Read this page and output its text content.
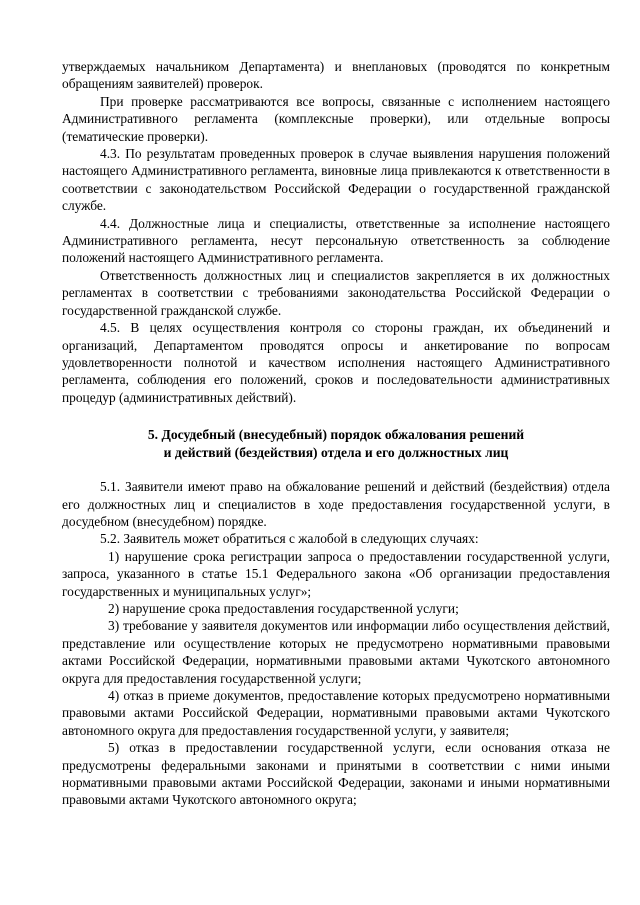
утверждаемых начальником Департамента) и внеплановых (проводятся по конкретным обращениям заявителей) проверок.

При проверке рассматриваются все вопросы, связанные с исполнением настоящего Административного регламента (комплексные проверки), или отдельные вопросы (тематические проверки).

4.3. По результатам проведенных проверок в случае выявления нарушения положений настоящего Административного регламента, виновные лица привлекаются к ответственности в соответствии с законодательством Российской Федерации о государственной гражданской службе.

4.4. Должностные лица и специалисты, ответственные за исполнение настоящего Административного регламента, несут персональную ответственность за соблюдение положений настоящего Административного регламента.

Ответственность должностных лиц и специалистов закрепляется в их должностных регламентах в соответствии с требованиями законодательства Российской Федерации о государственной гражданской службе.

4.5. В целях осуществления контроля со стороны граждан, их объединений и организаций, Департаментом проводятся опросы и анкетирование по вопросам удовлетворенности полнотой и качеством исполнения настоящего Административного регламента, соблюдения его положений, сроков и последовательности административных процедур (административных действий).

5. Досудебный (внесудебный) порядок обжалования решений

и действий (бездействия) отдела и его должностных лиц

5.1. Заявители имеют право на обжалование решений и действий (бездействия) отдела его должностных лиц и специалистов в ходе предоставления государственной услуги, в досудебном (внесудебном) порядке.

5.2. Заявитель может обратиться с жалобой в следующих случаях:

1) нарушение срока регистрации запроса о предоставлении государственной услуги, запроса, указанного в статье 15.1 Федерального закона «Об организации предоставления государственных и муниципальных услуг»;

2) нарушение срока предоставления государственной услуги;

3) требование у заявителя документов или информации либо осуществления действий, представление или осуществление которых не предусмотрено нормативными правовыми актами Российской Федерации, нормативными правовыми актами Чукотского автономного округа для предоставления государственной услуги;

4) отказ в приеме документов, предоставление которых предусмотрено нормативными правовыми актами Российской Федерации, нормативными правовыми актами Чукотского автономного округа для предоставления государственной услуги, у заявителя;

5) отказ в предоставлении государственной услуги, если основания отказа не предусмотрены федеральными законами и принятыми в соответствии с ними иными нормативными правовыми актами Российской Федерации, законами и иными нормативными правовыми актами Чукотского автономного округа;
